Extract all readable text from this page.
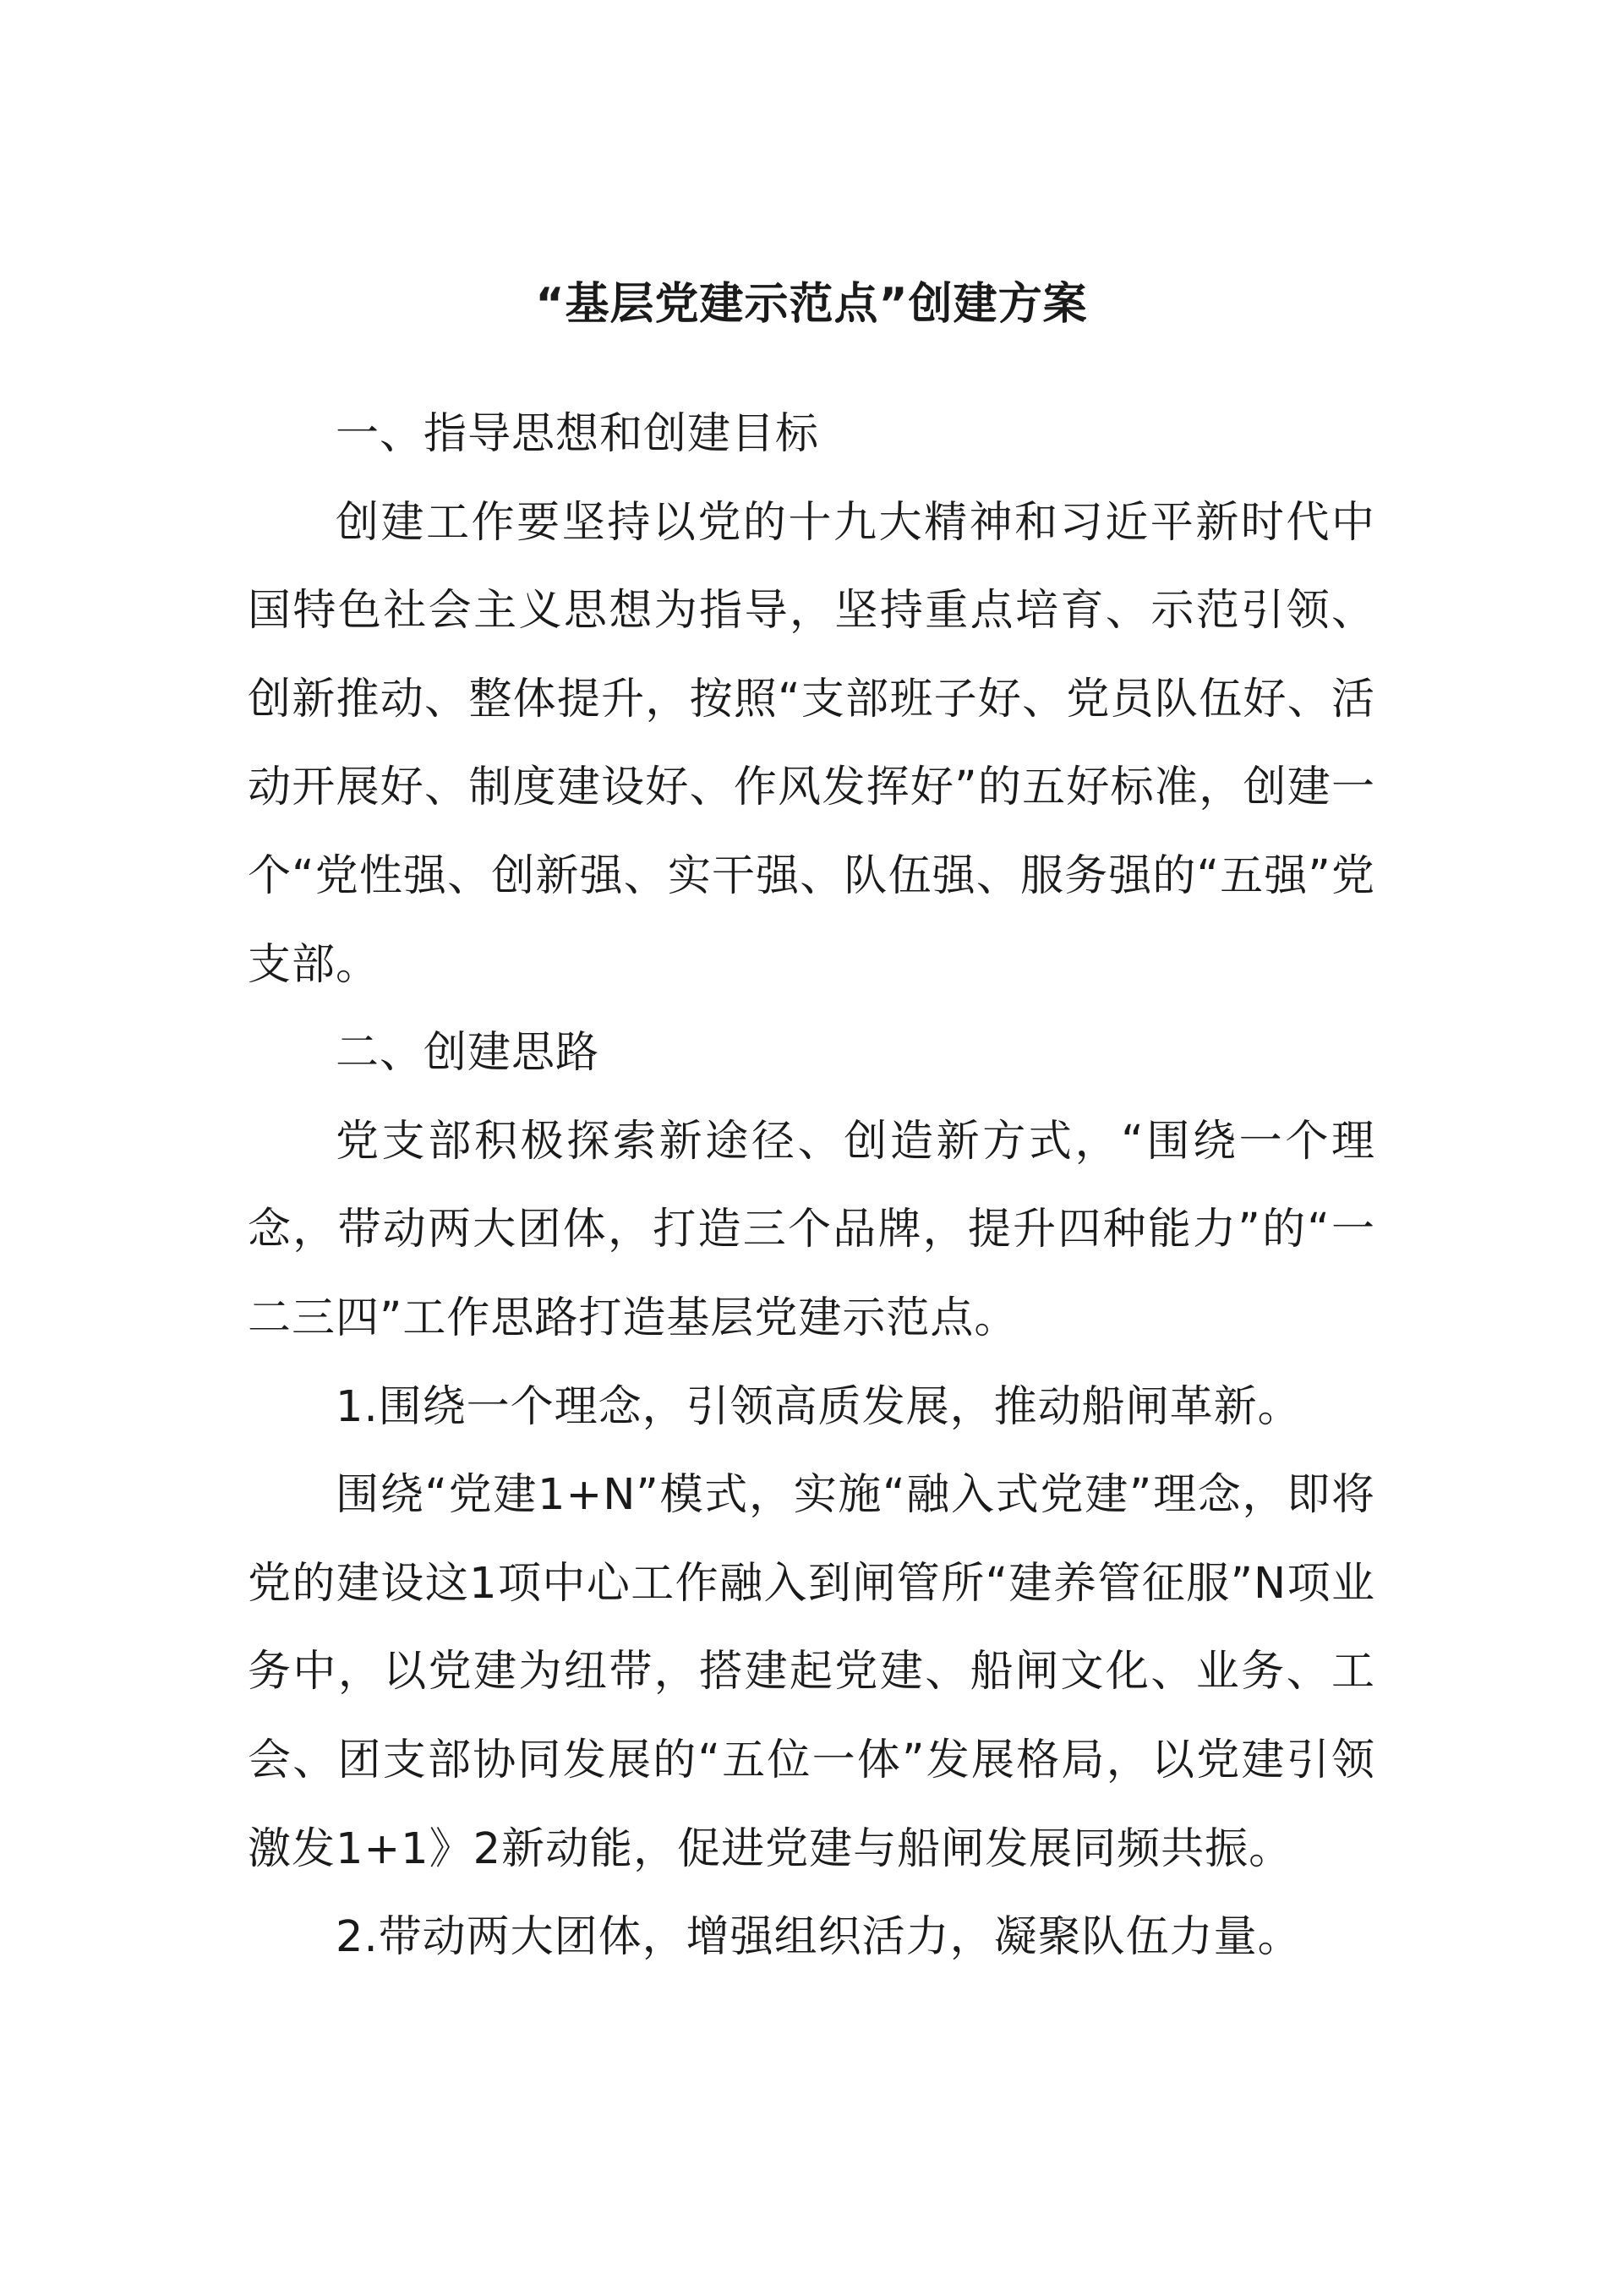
“基层党建示范点”创建方案

一、指导思想和创建目标

创建工作要坚持以党的十九大精神和习近平新时代中国特色社会主义思想为指导，坚持重点培育、示范引领、创新推动、整体提升，按照“支部班子好、党员队伍好、活动开展好、制度建设好、作风发挥好”的五好标准，创建一个“党性强、创新强、实干强、队伍强、服务强的“五强”党支部。

二、创建思路

党支部积极探索新途径、创造新方式，“围绕一个理念，带动两大团体，打造三个品牌，提升四种能力”的“一二三四”工作思路打造基层党建示范点。

1.围绕一个理念，引领高质发展，推动船闸革新。

围绕“党建1+N”模式，实施“融入式党建”理念，即将党的建设这1项中心工作融入到闸管所“建养管征服”N项业务中，以党建为纽带，搭建起党建、船闸文化、业务、工会、团支部协同发展的“五位一体”发展格局，以党建引领激发1+1》2新动能，促进党建与船闸发展同频共振。

2.带动两大团体，增强组织活力，凝聚队伍力量。
